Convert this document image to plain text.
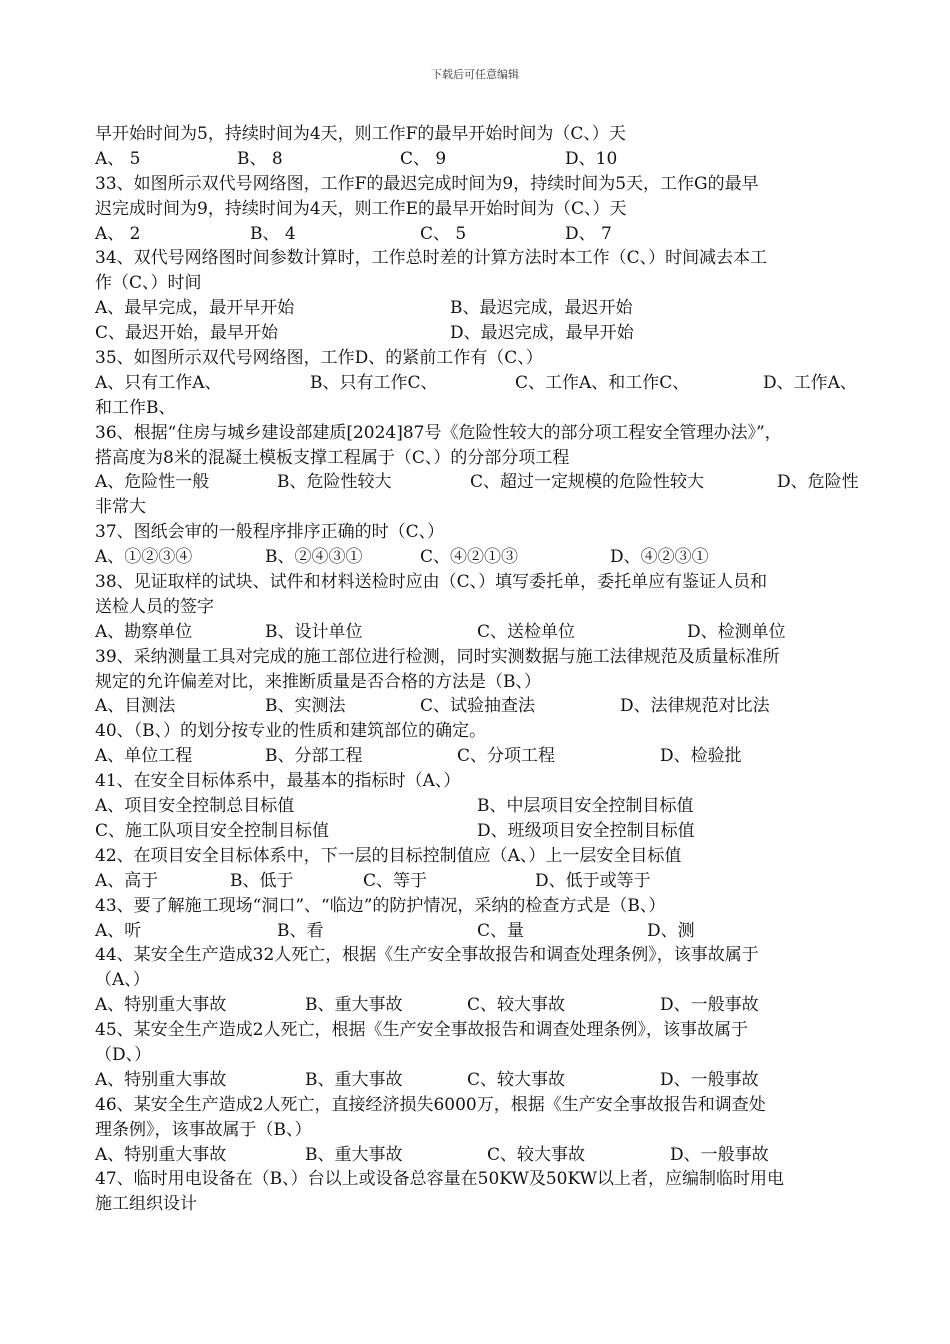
下载后可任意编辑
早开始时间为5，持续时间为4天，则工作F的最早开始时间为（C、）天
A、 5	B、 8	C、 9	D、10
33、如图所示双代号网络图，工作F的最迟完成时间为9，持续时间为5天，工作G的最早
迟完成时间为9，持续时间为4天，则工作E的最早开始时间为（C、）天
A、 2	B、 4	C、 5	D、 7
34、双代号网络图时间参数计算时，工作总时差的计算方法时本工作（C、）时间减去本工
作（C、）时间
A、最早完成，最开早开始	B、最迟完成，最迟开始
C、最迟开始，最早开始	D、最迟完成，最早开始
35、如图所示双代号网络图，工作D、的紧前工作有（C、）
A、只有工作A、	B、只有工作C、	C、工作A、和工作C、	D、工作A、
和工作B、
36、根据“住房与城乡建设部建质[2024]87号《危险性较大的部分项工程安全管理办法》”，
搭高度为8米的混凝土模板支撑工程属于（C、）的分部分项工程
A、危险性一般	B、危险性较大	C、超过一定规模的危险性较大	D、危险性
非常大
37、图纸会审的一般程序排序正确的时（C、）
A、①②③④	B、②④③①	C、④②①③	D、④②③①
38、见证取样的试块、试件和材料送检时应由（C、）填写委托单，委托单应有鉴证人员和
送检人员的签字
A、勘察单位	B、设计单位	C、送检单位	D、检测单位
39、采纳测量工具对完成的施工部位进行检测，同时实测数据与施工法律规范及质量标准所
规定的允许偏差对比，来推断质量是否合格的方法是（B、）
A、目测法	B、实测法	C、试验抽查法	D、法律规范对比法
40、（B、）的划分按专业的性质和建筑部位的确定。
A、单位工程	B、分部工程	C、分项工程	D、检验批
41、在安全目标体系中，最基本的指标时（A、）
A、项目安全控制总目标值	B、中层项目安全控制目标值
C、施工队项目安全控制目标值	D、班级项目安全控制目标值
42、在项目安全目标体系中，下一层的目标控制值应（A、）上一层安全目标值
A、高于	B、低于	C、等于	D、低于或等于
43、要了解施工现场“洞口”、“临边”的防护情况，采纳的检查方式是（B、）
A、听	B、看	C、量	D、测
44、某安全生产造成32人死亡，根据《生产安全事故报告和调查处理条例》，该事故属于
（A、）
A、特别重大事故	B、重大事故	C、较大事故	D、一般事故
45、某安全生产造成2人死亡，根据《生产安全事故报告和调查处理条例》，该事故属于
（D、）
A、特别重大事故	B、重大事故	C、较大事故	D、一般事故
46、某安全生产造成2人死亡，直接经济损失6000万，根据《生产安全事故报告和调查处
理条例》，该事故属于（B、）
A、特别重大事故	B、重大事故	C、较大事故	D、一般事故
47、临时用电设备在（B、）台以上或设备总容量在50KW及50KW以上者，应编制临时用电
施工组织设计
